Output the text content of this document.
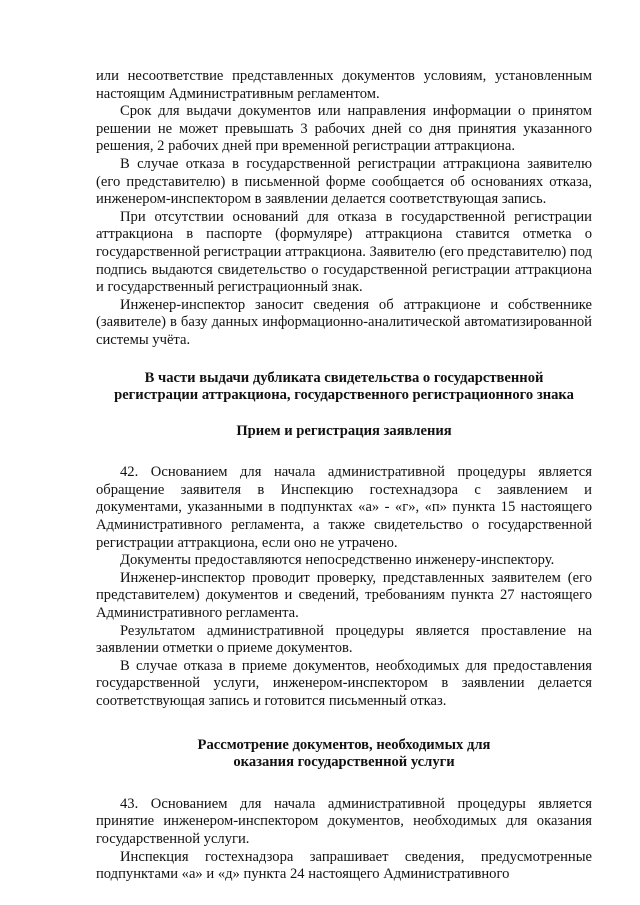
или несоответствие представленных документов условиям, установленным настоящим Административным регламентом.

Срок для выдачи документов или направления информации о принятом решении не может превышать 3 рабочих дней со дня принятия указанного решения, 2 рабочих дней при временной регистрации аттракциона.

В случае отказа в государственной регистрации аттракциона заявителю (его представителю) в письменной форме сообщается об основаниях отказа, инженером-инспектором в заявлении делается соответствующая запись.

При отсутствии оснований для отказа в государственной регистрации аттракциона в паспорте (формуляре) аттракциона ставится отметка о государственной регистрации аттракциона. Заявителю (его представителю) под подпись выдаются свидетельство о государственной регистрации аттракциона и государственный регистрационный знак.

Инженер-инспектор заносит сведения об аттракционе и собственнике (заявителе) в базу данных информационно-аналитической автоматизированной системы учёта.

В части выдачи дубликата свидетельства о государственной
регистрации аттракциона, государственного регистрационного знака
Прием и регистрация заявления

42. Основанием для начала административной процедуры является обращение заявителя в Инспекцию гостехнадзора с заявлением и документами, указанными в подпунктах «а» - «г», «п» пункта 15 настоящего Административного регламента, а также свидетельство о государственной регистрации аттракциона, если оно не утрачено.

Документы предоставляются непосредственно инженеру-инспектору.

Инженер-инспектор проводит проверку, представленных заявителем (его представителем) документов и сведений, требованиям пункта 27 настоящего Административного регламента.

Результатом административной процедуры является проставление на заявлении отметки о приеме документов.

В случае отказа в приеме документов, необходимых для предоставления государственной услуги, инженером-инспектором в заявлении делается соответствующая запись и готовится письменный отказ.

Рассмотрение документов, необходимых для
оказания государственной услуги

43. Основанием для начала административной процедуры является принятие инженером-инспектором документов, необходимых для оказания государственной услуги.

Инспекция гостехнадзора запрашивает сведения, предусмотренные подпунктами «а» и «д» пункта 24 настоящего Административного
